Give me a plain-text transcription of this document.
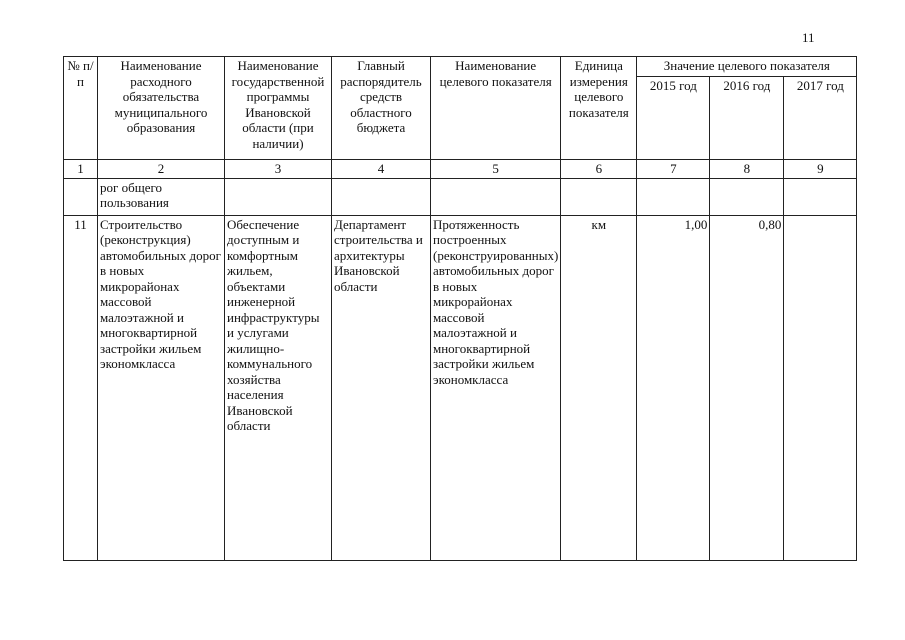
11
№ п/п	Наименование расходного обязательства муниципального образования	Наименование государственной программы Ивановской области (при наличии)	Главный распорядитель средств областного бюджета	Наименование целевого показателя	Единица измерения целевого показателя	Значение целевого показателя		
						2015 год	2016 год	2017 год
1	2	3	4	5	6	7	8	9
	рог общего пользования							
11	Строительство (реконструкция) автомобильных дорог в новых микрорайонах массовой малоэтажной и многоквартирной застройки жильем экономкласса	Обеспечение доступным и комфортным жильем, объектами инженерной инфраструктуры и услугами жилищно-коммунального хозяйства населения Ивановской области	Департамент строительства и архитектуры Ивановской области	Протяженность построенных (реконструированных) автомобильных дорог в новых микрорайонах массовой малоэтажной и многоквартирной застройки жильем экономкласса	км	1,00	0,80	
